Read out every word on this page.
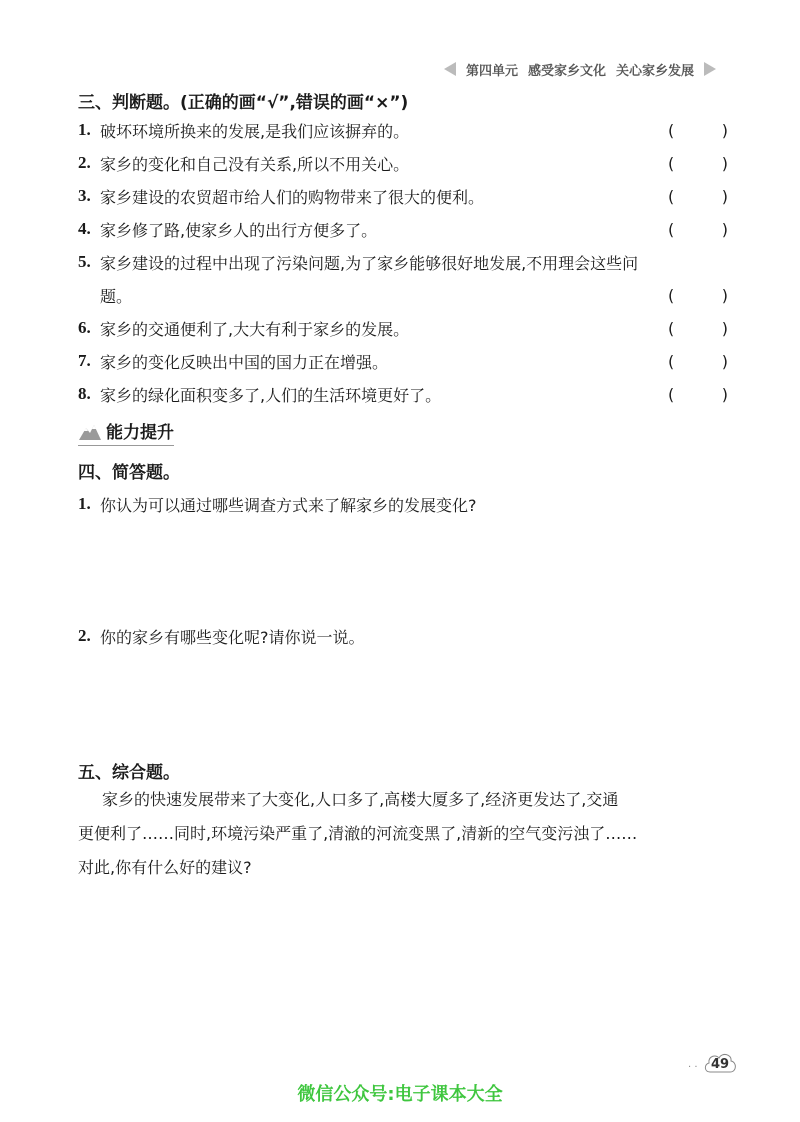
第四单元 感受家乡文化 关心家乡发展
三、判断题。(正确的画“√”,错误的画“×”)
1. 破坏环境所换来的发展,是我们应该摒弃的。	(	)
2. 家乡的变化和自己没有关系,所以不用关心。	(	)
3. 家乡建设的农贸超市给人们的购物带来了很大的便利。	(	)
4. 家乡修了路,使家乡人的出行方便多了。	(	)
5. 家乡建设的过程中出现了污染问题,为了家乡能够很好地发展,不用理会这些问
题。	(	)
6. 家乡的交通便利了,大大有利于家乡的发展。	(	)
7. 家乡的变化反映出中国的国力正在增强。	(	)
8. 家乡的绿化面积变多了,人们的生活环境更好了。	(	)
能力提升
四、简答题。
1. 你认为可以通过哪些调查方式来了解家乡的发展变化?
2. 你的家乡有哪些变化呢?请你说一说。
五、综合题。
家乡的快速发展带来了大变化,人口多了,高楼大厦多了,经济更发达了,交通
更便利了……同时,环境污染严重了,清澈的河流变黑了,清新的空气变污浊了……
对此,你有什么好的建议?
· · 49
微信公众号:电子课本大全
